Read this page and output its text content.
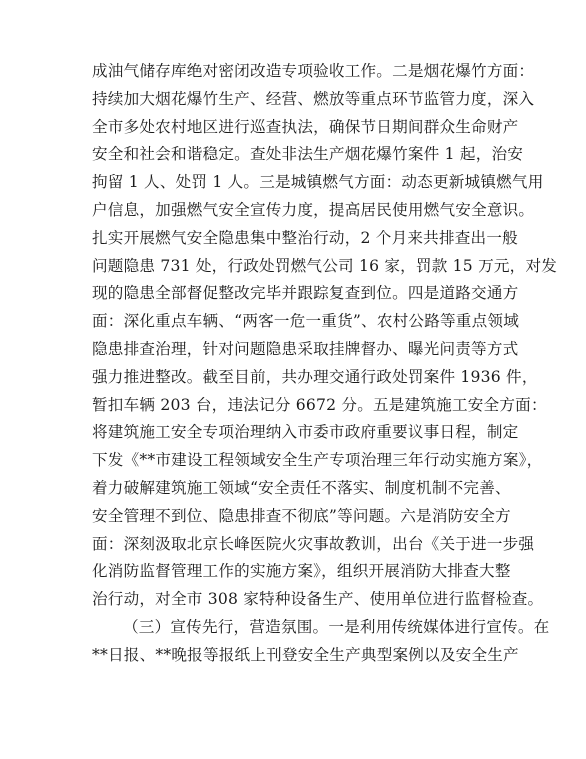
成油气储存库绝对密闭改造专项验收工作。二是烟花爆竹方面：
持续加大烟花爆竹生产、经营、燃放等重点环节监管力度，深入
全市多处农村地区进行巡查执法，确保节日期间群众生命财产
安全和社会和谐稳定。查处非法生产烟花爆竹案件 1 起，治安
拘留 1 人、处罚 1 人。三是城镇燃气方面：动态更新城镇燃气用
户信息，加强燃气安全宣传力度，提高居民使用燃气安全意识。
扎实开展燃气安全隐患集中整治行动，2 个月来共排查出一般
问题隐患 731 处，行政处罚燃气公司 16 家，罚款 15 万元，对发
现的隐患全部督促整改完毕并跟踪复查到位。四是道路交通方
面：深化重点车辆、“两客一危一重货”、农村公路等重点领域
隐患排查治理，针对问题隐患采取挂牌督办、曝光问责等方式
强力推进整改。截至目前，共办理交通行政处罚案件 1936 件，
暂扣车辆 203 台，违法记分 6672 分。五是建筑施工安全方面：
将建筑施工安全专项治理纳入市委市政府重要议事日程，制定
下发《**市建设工程领域安全生产专项治理三年行动实施方案》，
着力破解建筑施工领域“安全责任不落实、制度机制不完善、
安全管理不到位、隐患排查不彻底”等问题。六是消防安全方
面：深刻汲取北京长峰医院火灾事故教训，出台《关于进一步强
化消防监督管理工作的实施方案》，组织开展消防大排查大整
治行动，对全市 308 家特种设备生产、使用单位进行监督检查。
（三）宣传先行，营造氛围。一是利用传统媒体进行宣传。在
**日报、**晚报等报纸上刊登安全生产典型案例以及安全生产
